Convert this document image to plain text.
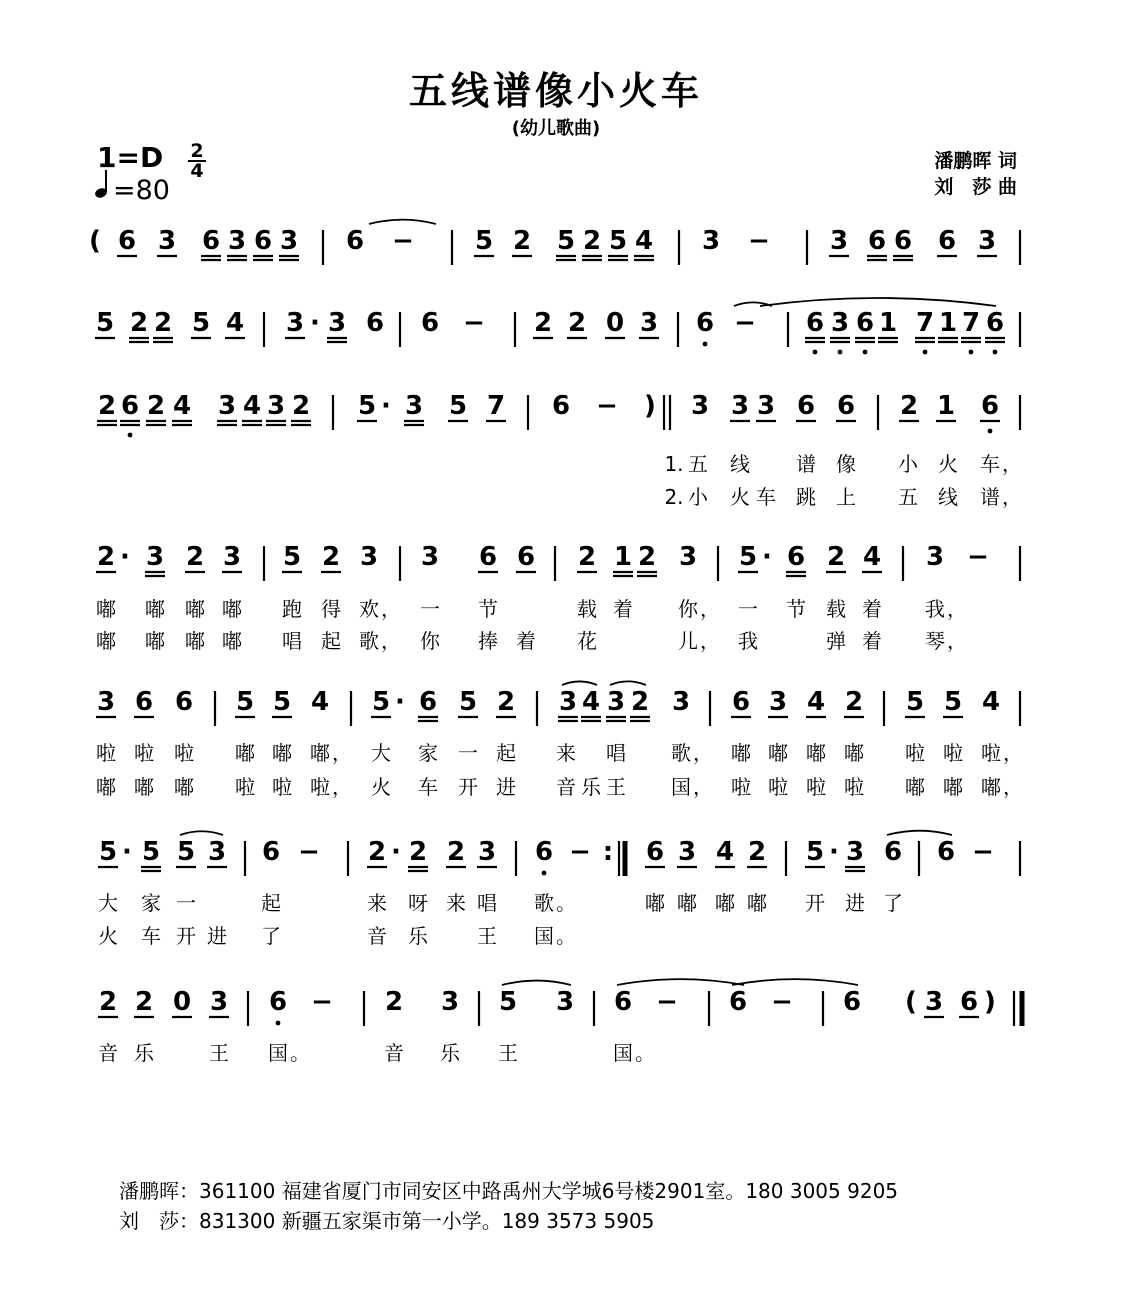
五线谱像小火车
(幼儿歌曲)
1=D 2
4
=80
潘鹏晖 词
刘　莎 曲
( 6 3 6 3 6 3 6 − 5 2 5 2 5 4 3 − 3 6 6 6 3
5 2 2 5 4 3 · 3 6 6 − 2 2 0 3 6 − 6 3 6 1 7 1 7 6
2 6 2 4 3 4 3 2 5 · 3 5 7 6 − ) 3 3 3 6 6 2 1 6
2 · 3 2 3 5 2 3 3 6 6 2 1 2 3 5 · 6 2 4 3 −
3 6 6 5 5 4 5 · 6 5 2 3 4 3 2 3 6 3 4 2 5 5 4
5 · 5 5 3 6 − 2 · 2 2 3 6 − : 6 3 4 2 5 · 3 6 6 −
2 2 0 3 6 − 2 3 5 3 6 − 6 − 6 ( 3 6 )
1. 五 线 谱 像 小 火 车 ，
2. 小 火 车 跳 上 五 线 谱 ，
嘟 嘟 嘟 嘟 跑 得 欢 ， 一 节	载 着 你 ， 一 节 载 着 我 ，
嘟 嘟 嘟 嘟 唱 起 歌 ， 你 捧 着 花	儿 ， 我	弹 着 琴 ，
啦 啦 啦 嘟 嘟 嘟 ， 大 家 一 起 来 唱 歌 ， 嘟 嘟 嘟 嘟 啦 啦 啦 ，
嘟 嘟 嘟 啦 啦 啦 ， 火 车 开 进 音 乐 王 国 ， 啦 啦 啦 啦 嘟 嘟 嘟 ，
大 家 一	起	来 呀 来 唱 歌 。	嘟 嘟 嘟 嘟 开 进 了
火 车 开 进 了	音 乐 王 国 。
音 乐	王 国 。	音 乐 王	国 。
潘鹏晖：361100 福建省厦门市同安区中路禹州大学城6号楼2901室。180 3005 9205
刘　莎：831300 新疆五家渠市第一小学。189 3573 5905
